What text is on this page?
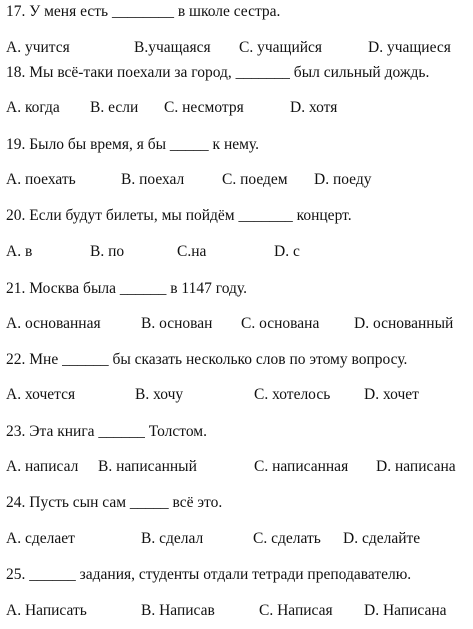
17. У меня есть ________ в школе сестра.
A. учится	B.учащаяся C. учащийся	D. учащиеся
18. Мы всё-таки поехали за город, _______ был сильный дождь.
A. когда B. если C. несмотря	D. хотя
19. Было бы время, я бы _____ к нему.
A. поехать	B. поехал C. поедем D. поеду
20. Если будут билеты, мы пойдём _______ концерт.
A. в	B. по	C.на	D. с
21. Москва была ______ в 1147 году.
A. основанная	B. основан C. основана D. основанный
22. Мне ______ бы сказать несколько слов по этому вопросу.
A. хочется	B. хочу	C. хотелось D. хочет
23. Эта книга ______ Толстом.
A. написал B. написанный	C. написанная D. написана
24. Пусть сын сам _____ всё это.
A. сделает	B. сделал	C. сделать D. сделайте
25. ______ задания, студенты отдали тетради преподавателю.
A. Написать	B. Написав	C. Написая D. Написана
